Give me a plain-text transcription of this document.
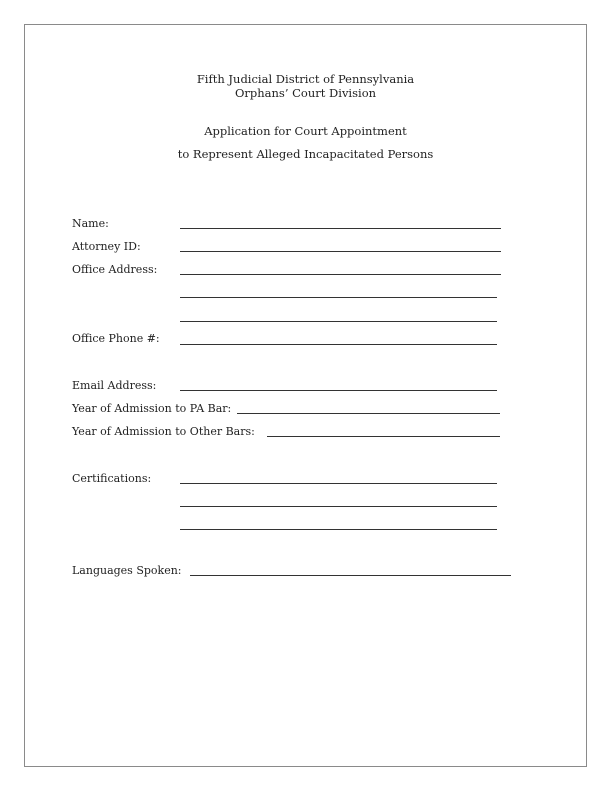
Fifth Judicial District of Pennsylvania
Orphans’ Court Division
Application for Court Appointment
to Represent Alleged Incapacitated Persons
Name:
Attorney ID:
Office Address:
Office Phone #:
Email Address:
Year of Admission to PA Bar:
Year of Admission to Other Bars:
Certifications:
Languages Spoken:
